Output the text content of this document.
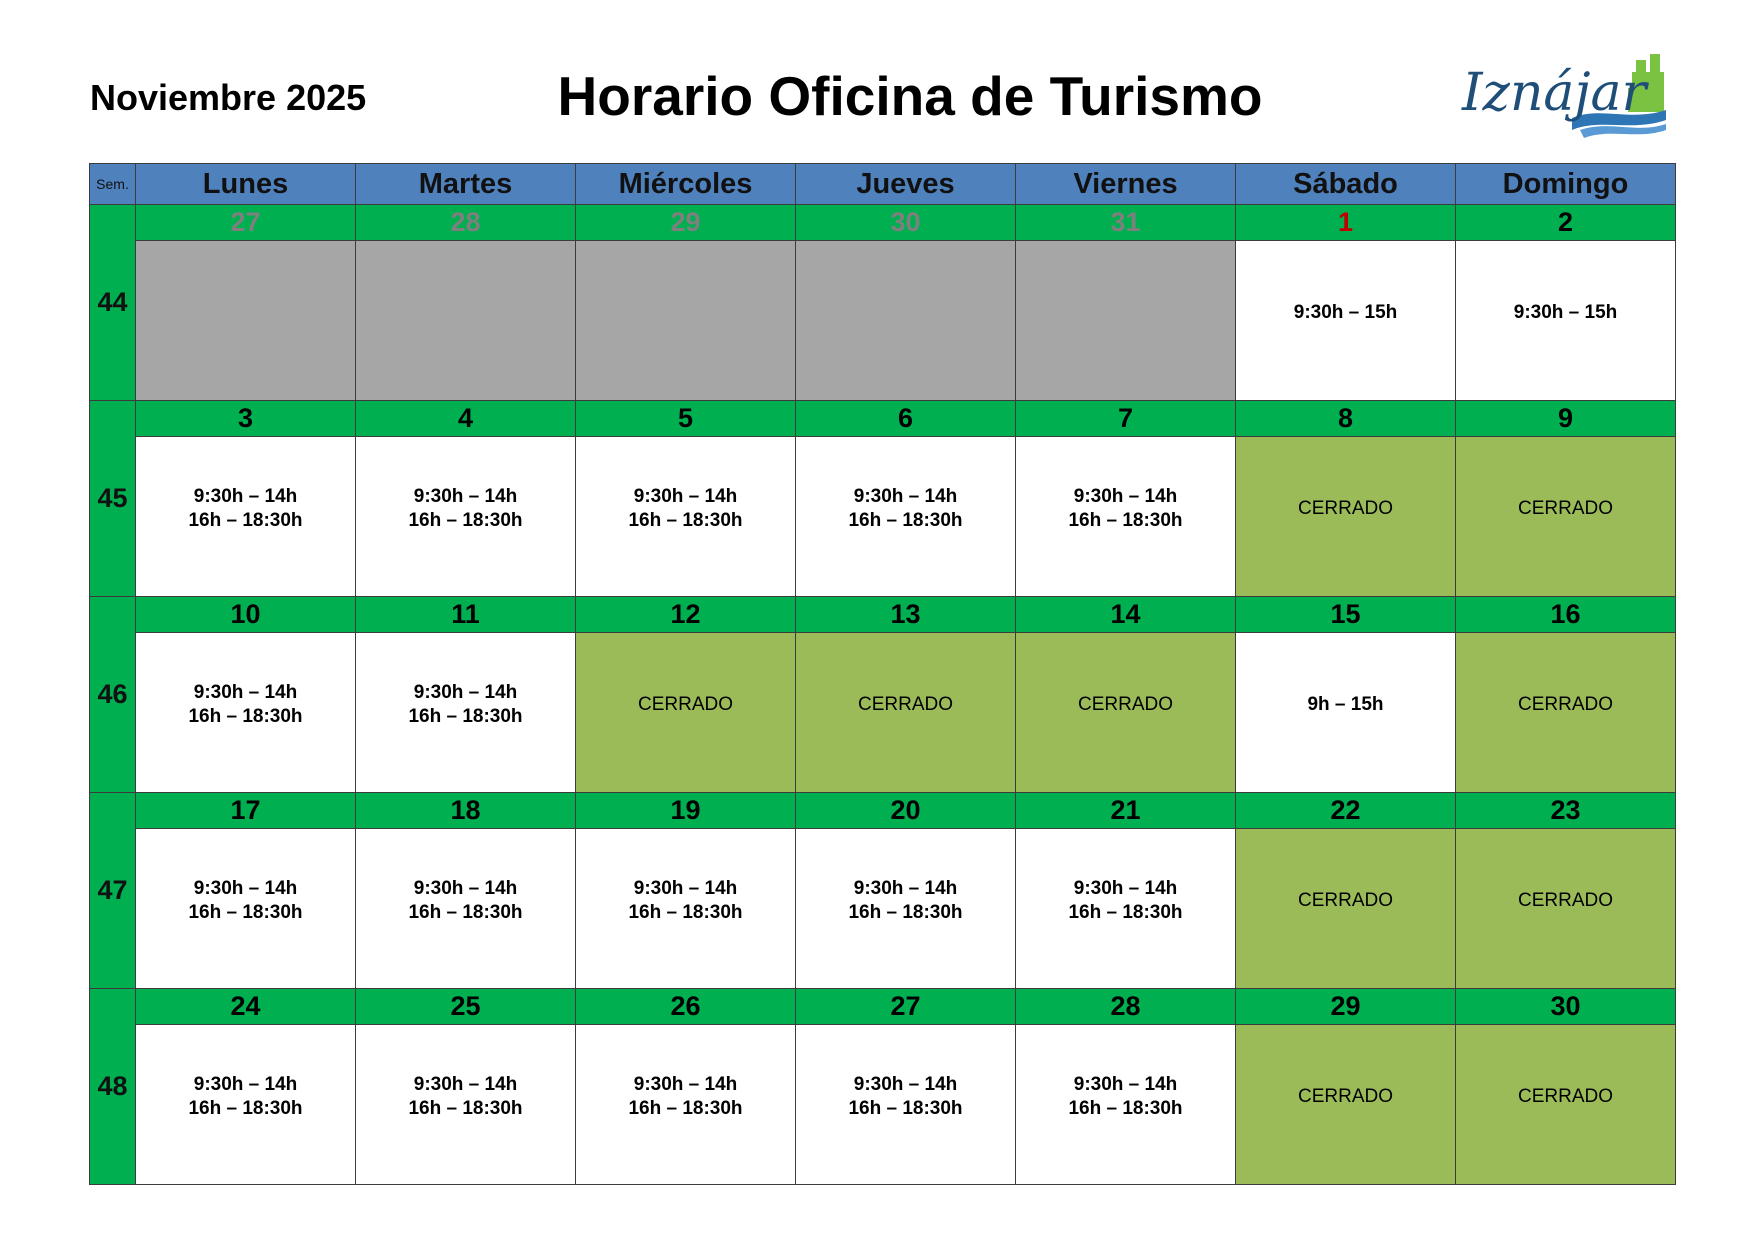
Noviembre 2025	Horario Oficina de Turismo	Iznájar
Sem.	Lunes	Martes	Miércoles	Jueves	Viernes	Sábado	Domingo
44	27	28	29	30	31	1	2

						9:30h – 15h	9:30h – 15h

45	3	4	5	6	7	8	9

	9:30h – 14h
16h – 18:30h	9:30h – 14h
16h – 18:30h	9:30h – 14h
16h – 18:30h	9:30h – 14h
16h – 18:30h	9:30h – 14h
16h – 18:30h	CERRADO	CERRADO

46	10	11	12	13	14	15	16

	9:30h – 14h
16h – 18:30h	9:30h – 14h
16h – 18:30h	CERRADO	CERRADO	CERRADO	9h – 15h	CERRADO

47	17	18	19	20	21	22	23

	9:30h – 14h
16h – 18:30h	9:30h – 14h
16h – 18:30h	9:30h – 14h
16h – 18:30h	9:30h – 14h
16h – 18:30h	9:30h – 14h
16h – 18:30h	CERRADO	CERRADO

48	24	25	26	27	28	29	30

	9:30h – 14h
16h – 18:30h	9:30h – 14h
16h – 18:30h	9:30h – 14h
16h – 18:30h	9:30h – 14h
16h – 18:30h	9:30h – 14h
16h – 18:30h	CERRADO	CERRADO
